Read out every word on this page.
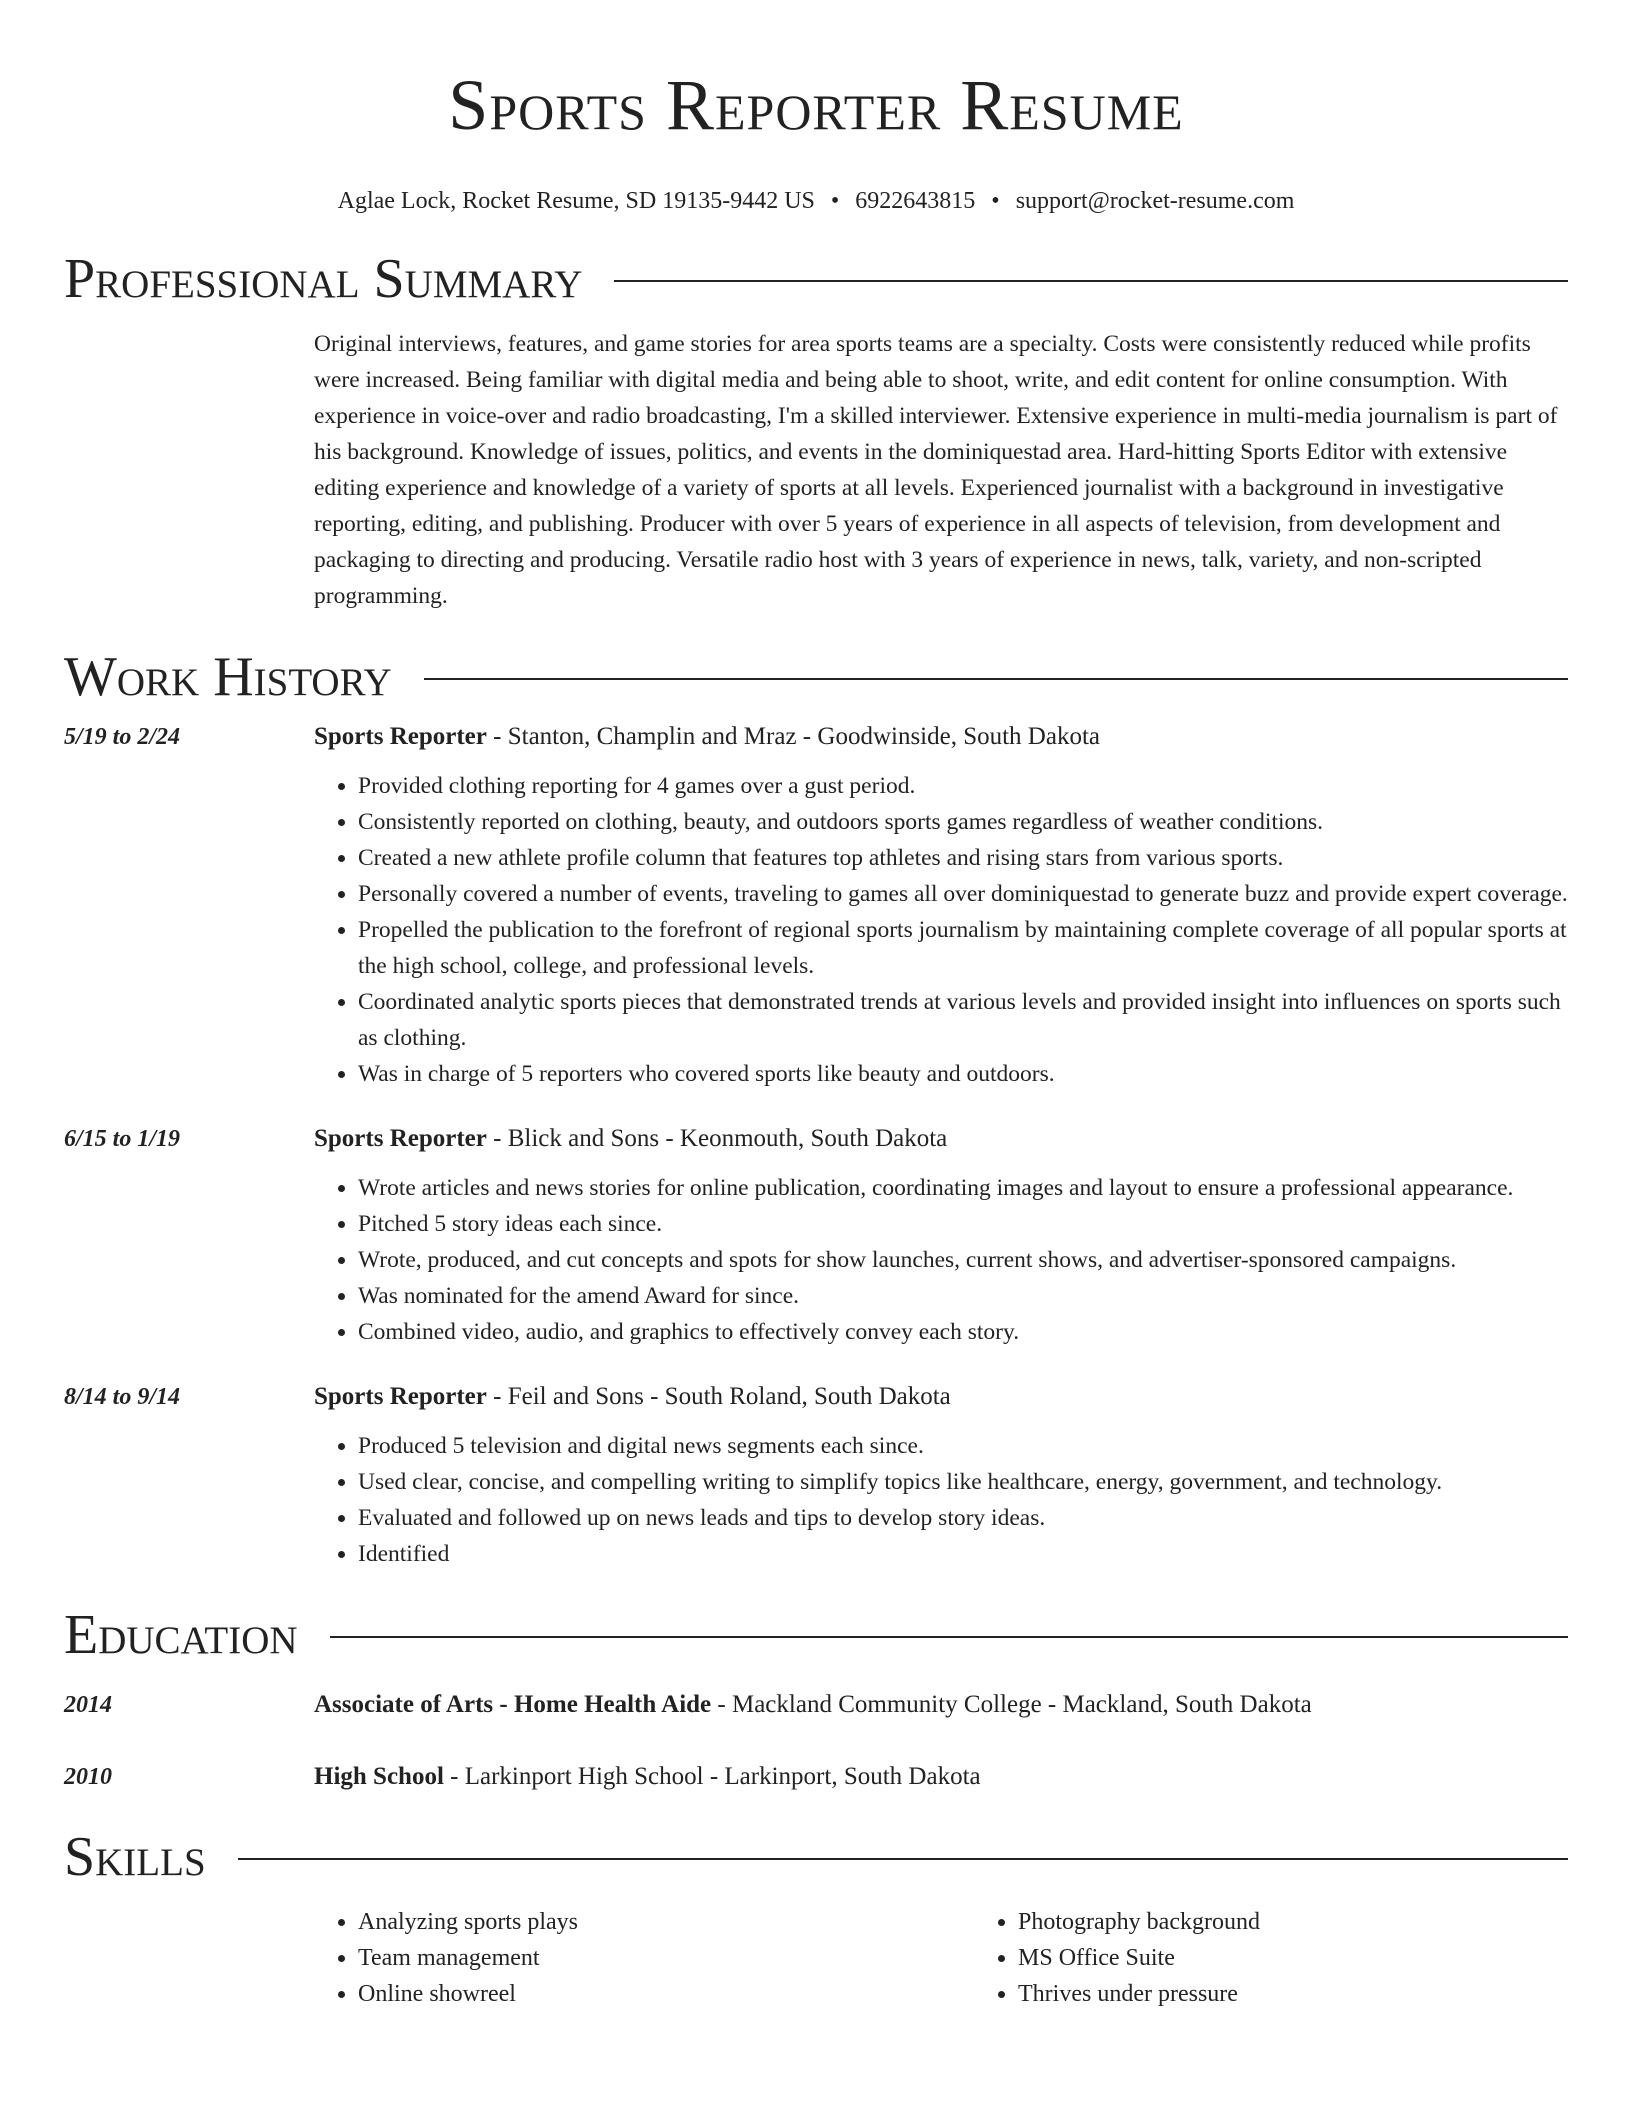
Sports Reporter Resume
Aglae Lock, Rocket Resume, SD 19135-9442 US • 6922643815 • support@rocket-resume.com
Professional Summary
Original interviews, features, and game stories for area sports teams are a specialty. Costs were consistently reduced while profits were increased. Being familiar with digital media and being able to shoot, write, and edit content for online consumption. With experience in voice-over and radio broadcasting, I'm a skilled interviewer. Extensive experience in multi-media journalism is part of his background. Knowledge of issues, politics, and events in the dominiquestad area. Hard-hitting Sports Editor with extensive editing experience and knowledge of a variety of sports at all levels. Experienced journalist with a background in investigative reporting, editing, and publishing. Producer with over 5 years of experience in all aspects of television, from development and packaging to directing and producing. Versatile radio host with 3 years of experience in news, talk, variety, and non-scripted programming.
Work History
5/19 to 2/24	Sports Reporter - Stanton, Champlin and Mraz - Goodwinside, South Dakota
• Provided clothing reporting for 4 games over a gust period.
• Consistently reported on clothing, beauty, and outdoors sports games regardless of weather conditions.
• Created a new athlete profile column that features top athletes and rising stars from various sports.
• Personally covered a number of events, traveling to games all over dominiquestad to generate buzz and provide expert coverage.
• Propelled the publication to the forefront of regional sports journalism by maintaining complete coverage of all popular sports at the high school, college, and professional levels.
• Coordinated analytic sports pieces that demonstrated trends at various levels and provided insight into influences on sports such as clothing.
• Was in charge of 5 reporters who covered sports like beauty and outdoors.
6/15 to 1/19	Sports Reporter - Blick and Sons - Keonmouth, South Dakota
• Wrote articles and news stories for online publication, coordinating images and layout to ensure a professional appearance.
• Pitched 5 story ideas each since.
• Wrote, produced, and cut concepts and spots for show launches, current shows, and advertiser-sponsored campaigns.
• Was nominated for the amend Award for since.
• Combined video, audio, and graphics to effectively convey each story.
8/14 to 9/14	Sports Reporter - Feil and Sons - South Roland, South Dakota
• Produced 5 television and digital news segments each since.
• Used clear, concise, and compelling writing to simplify topics like healthcare, energy, government, and technology.
• Evaluated and followed up on news leads and tips to develop story ideas.
• Identified
Education
2014	Associate of Arts - Home Health Aide - Mackland Community College - Mackland, South Dakota
2010	High School - Larkinport High School - Larkinport, South Dakota
Skills
• Analyzing sports plays
• Team management
• Online showreel
• Photography background
• MS Office Suite
• Thrives under pressure
